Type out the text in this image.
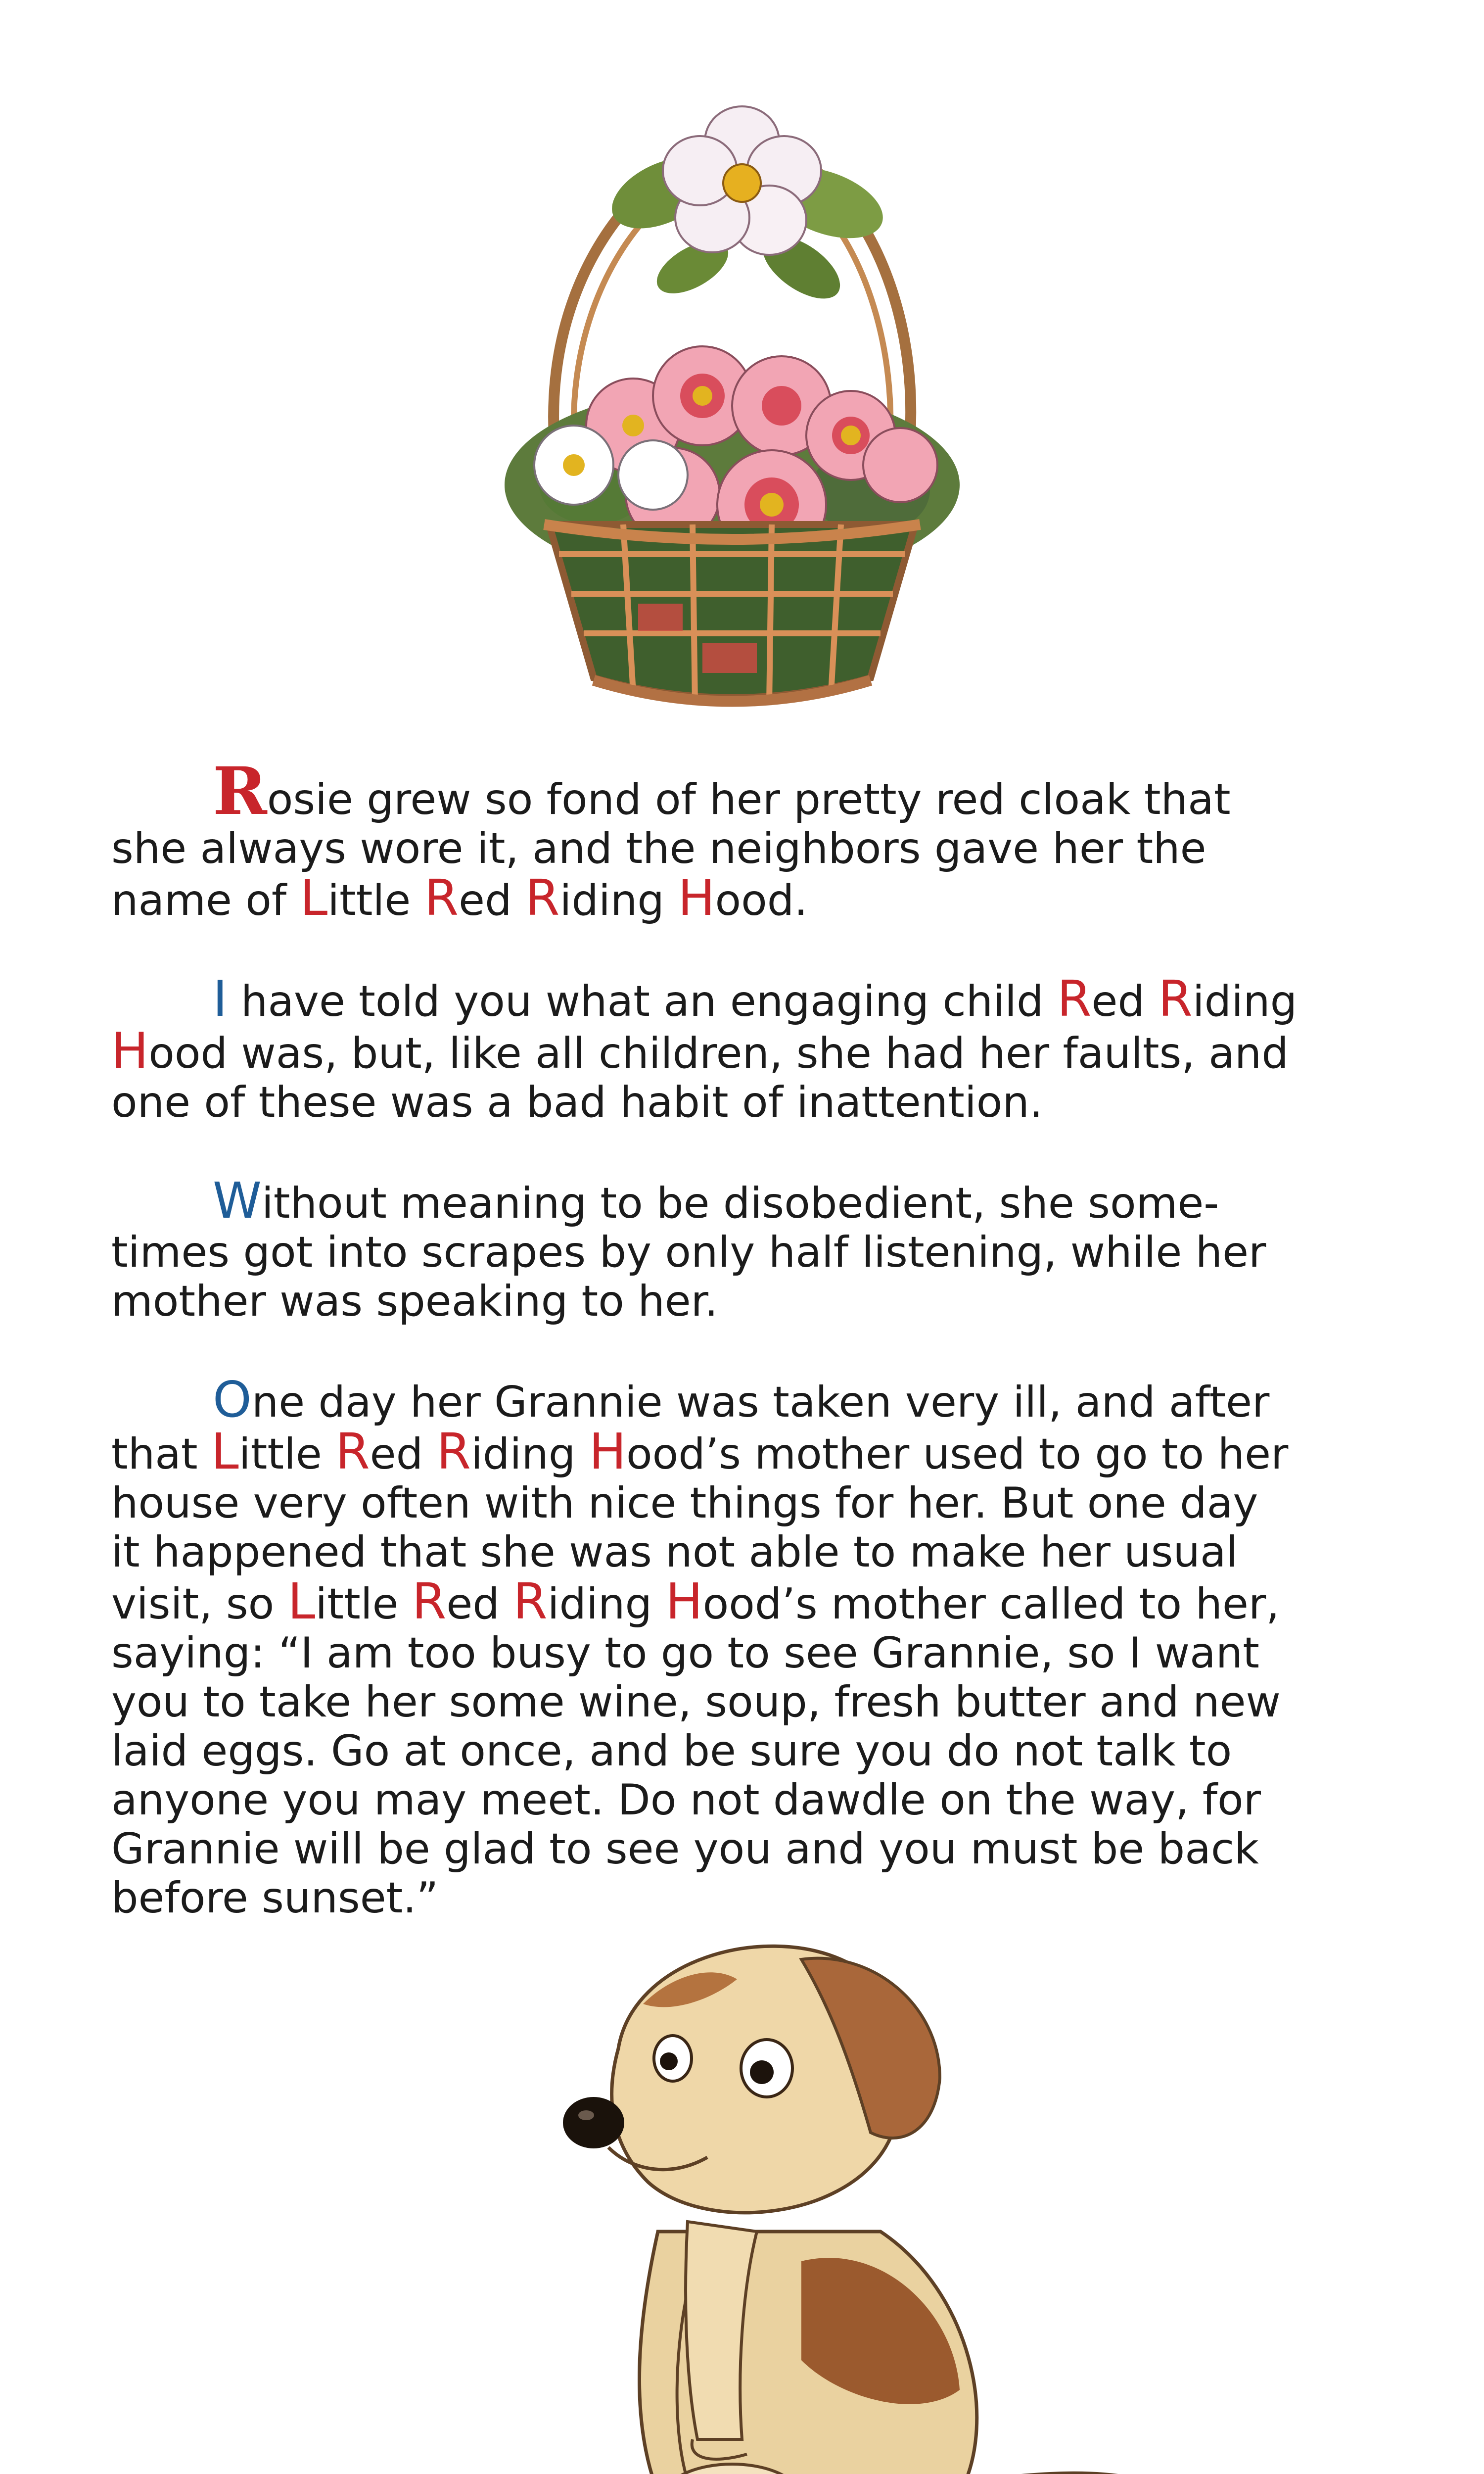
Rosie grew so fond of her pretty red cloak that
she always wore it, and the neighbors gave her the
name of Little Red Riding Hood.
I have told you what an engaging child Red Riding
Hood was, but, like all children, she had her faults, and
one of these was a bad habit of inattention.
Without meaning to be disobedient, she some-
times got into scrapes by only half listening, while her
mother was speaking to her.
One day her Grannie was taken very ill, and after
that Little Red Riding Hood’s mother used to go to her
house very often with nice things for her. But one day
it happened that she was not able to make her usual
visit, so Little Red Riding Hood’s mother called to her,
saying: “I am too busy to go to see Grannie, so I want
you to take her some wine, soup, fresh butter and new
laid eggs. Go at once, and be sure you do not talk to
anyone you may meet. Do not dawdle on the way, for
Grannie will be glad to see you and you must be back
before sunset.”
